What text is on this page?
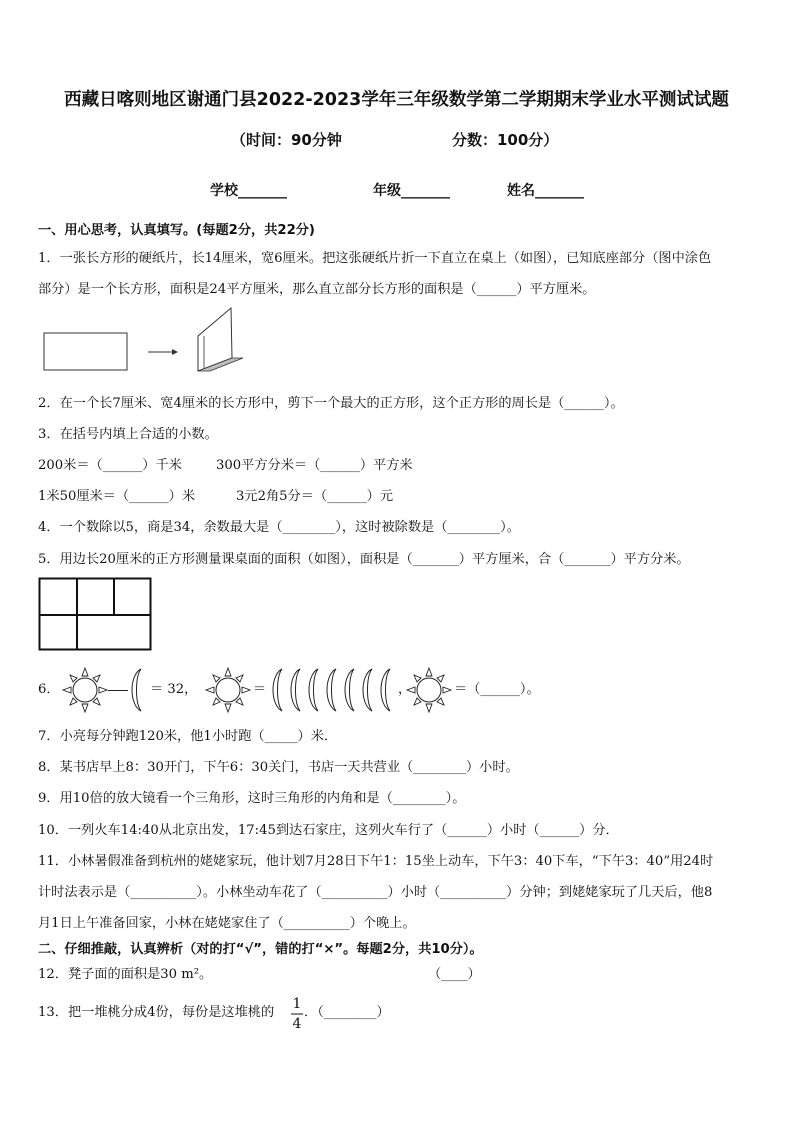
西藏日喀则地区谢通门县2022-2023学年三年级数学第二学期期末学业水平测试试题
（时间：90分钟	分数：100分）
学校_______	年级_______	姓名_______
一、用心思考，认真填写。(每题2分，共22分)
1．一张长方形的硬纸片，长14厘米，宽6厘米。把这张硬纸片折一下直立在桌上（如图），已知底座部分（图中涂色
部分）是一个长方形，面积是24平方厘米，那么直立部分长方形的面积是（______）平方厘米。
2．在一个长7厘米、宽4厘米的长方形中，剪下一个最大的正方形，这个正方形的周长是（______）。
3．在括号内填上合适的小数。
200米＝（______）千米	300平方分米＝（______）平方米
1米50厘米＝（______）米	3元2角5分＝（______）元
4．一个数除以5，商是34，余数最大是（________），这时被除数是（________）。
5．用边长20厘米的正方形测量课桌面的面积（如图），面积是（_______）平方厘米，合（_______）平方分米。
6．	＝ 32，	＝	，	＝（______）。
7．小亮每分钟跑120米，他1小时跑（_____）米．
8．某书店早上8：30开门，下午6：30关门，书店一天共营业（________）小时。
9．用10倍的放大镜看一个三角形，这时三角形的内角和是（________）。
10．一列火车14:40从北京出发，17:45到达石家庄，这列火车行了（______）小时（______）分．
11．小林暑假准备到杭州的姥姥家玩，他计划7月28日下午1：15坐上动车，下午3：40下车，“下午3：40”用24时
计时法表示是（__________）。小林坐动车花了（__________）小时（__________）分钟；到姥姥家玩了几天后，他8
月1日上午准备回家，小林在姥姥家住了（__________）个晚上。
二、仔细推敲，认真辨析（对的打“√”，错的打“×”。每题2分，共10分）。
12．凳子面的面积是30 m²。	（____）
13．把一堆桃分成4份，每份是这堆桃的
1
4
．（________）
